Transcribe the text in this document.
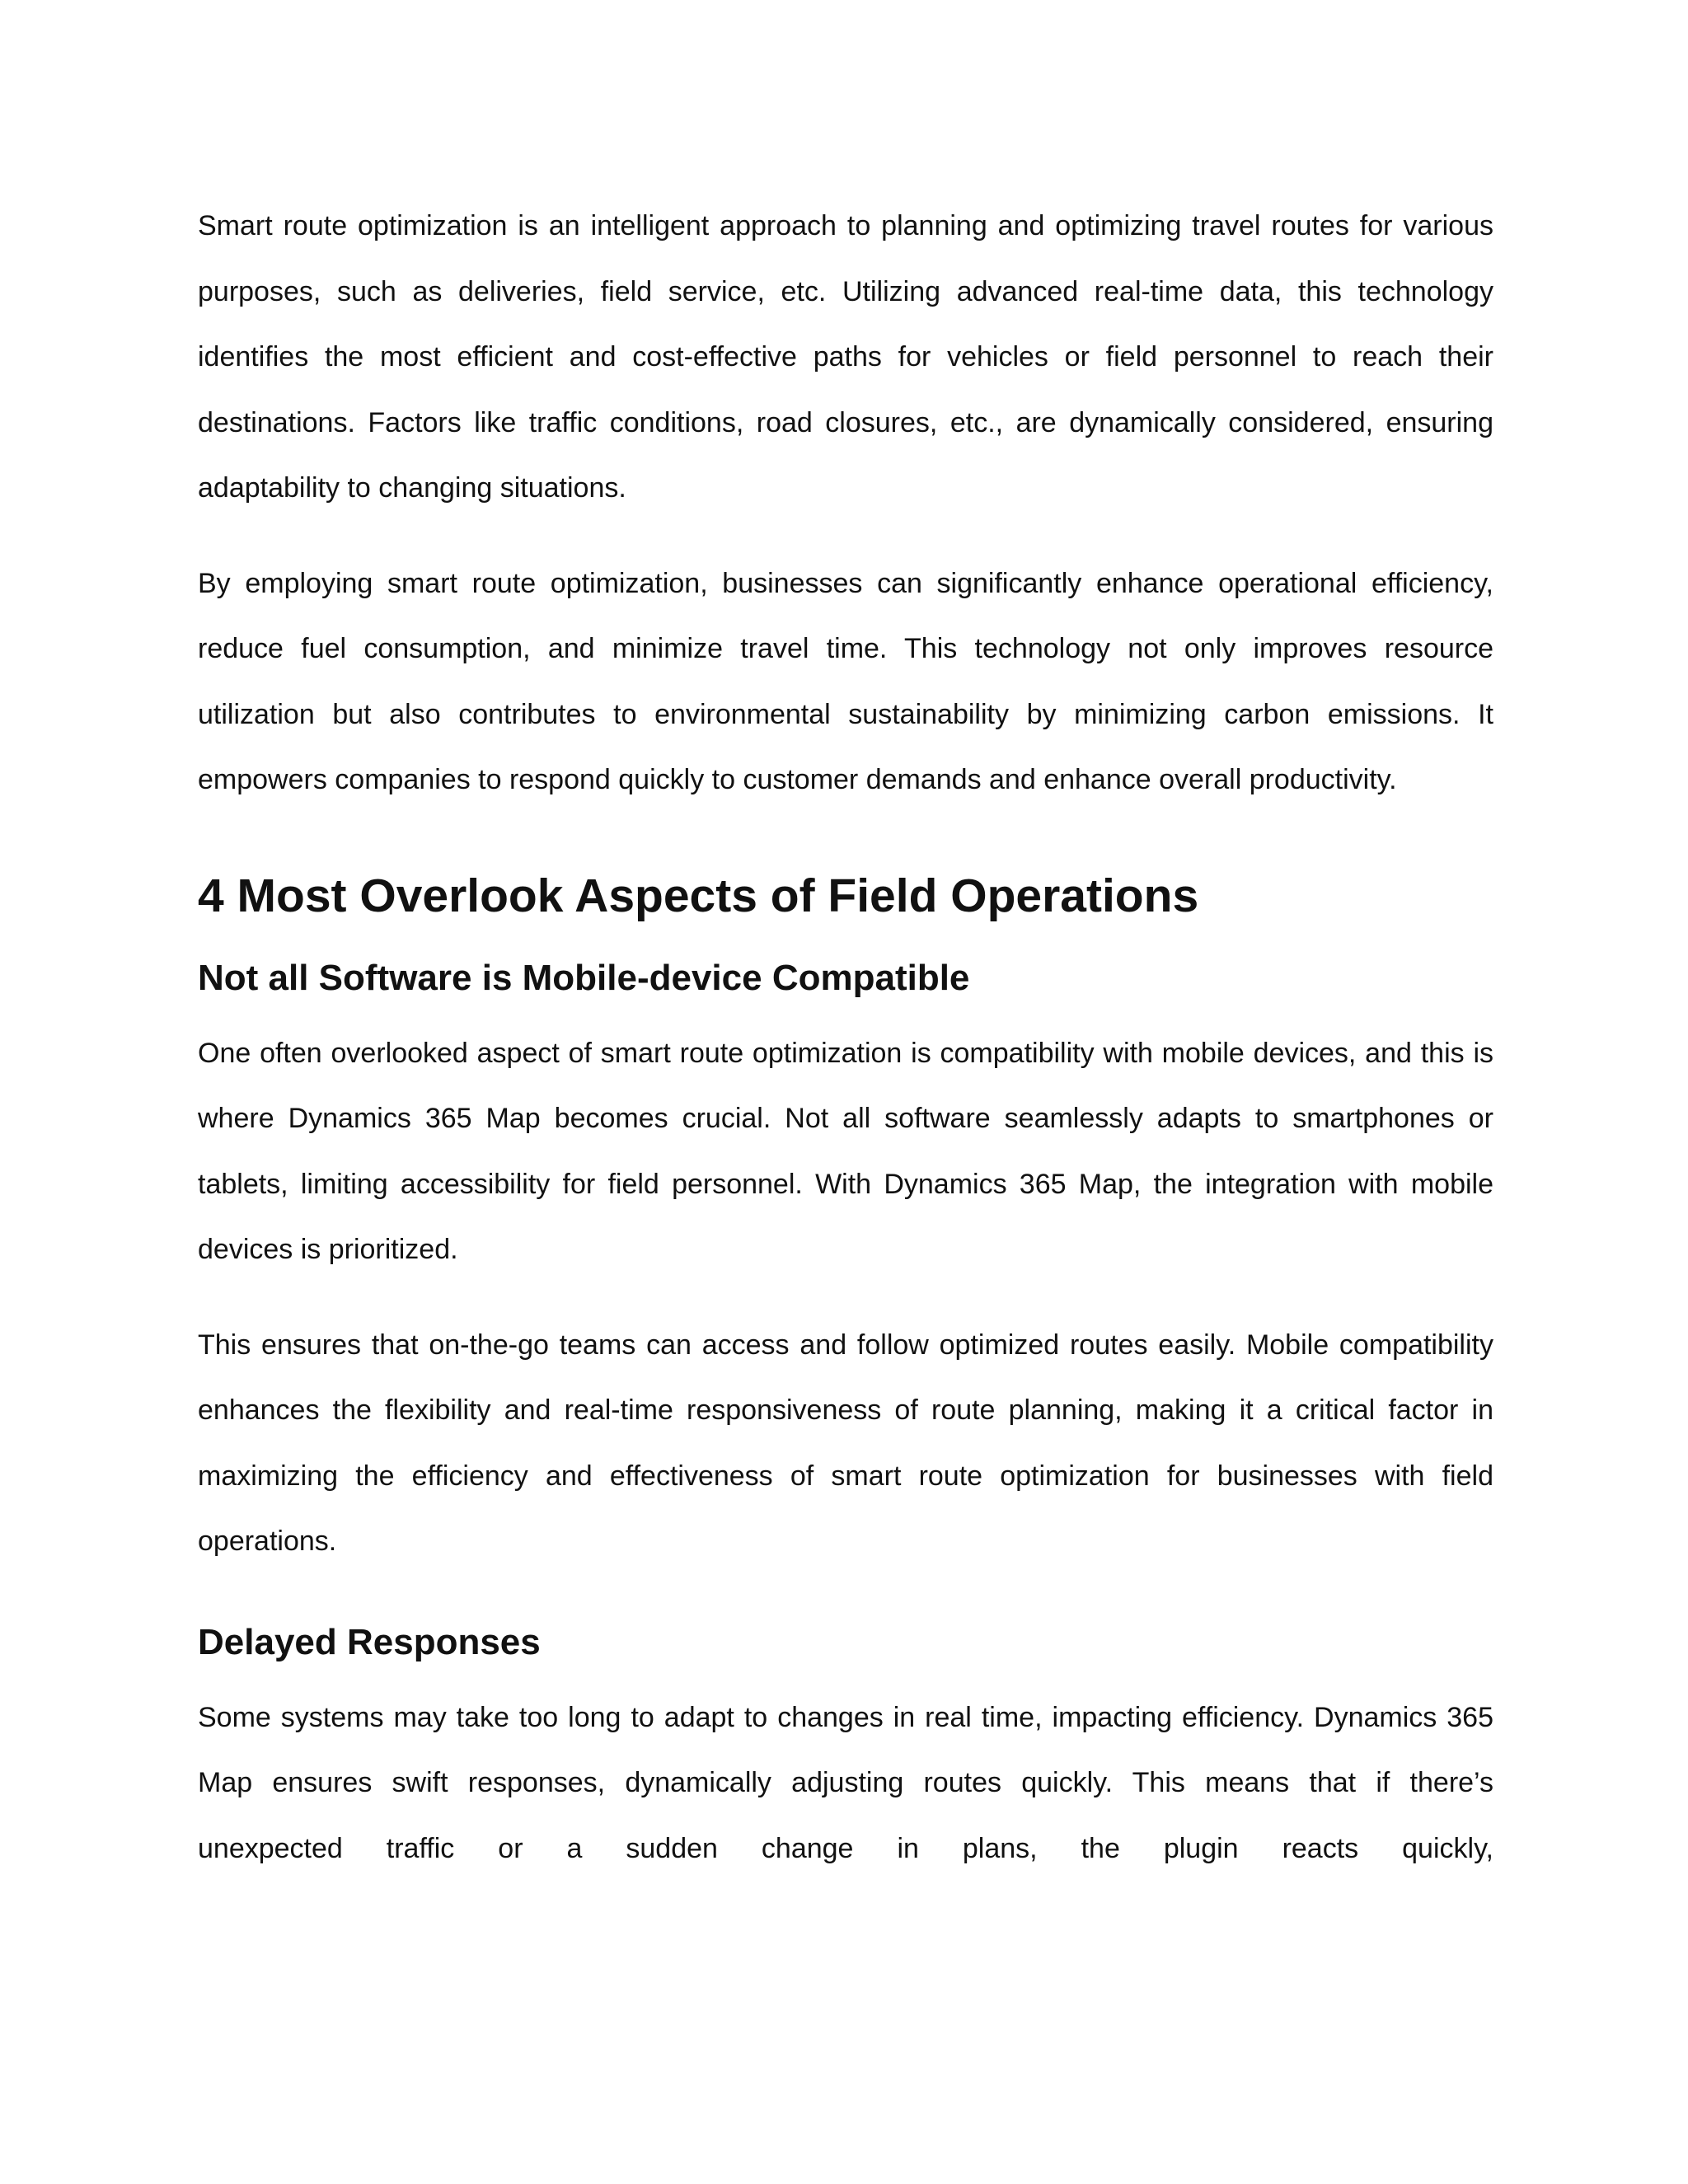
Smart route optimization is an intelligent approach to planning and optimizing travel routes for various purposes, such as deliveries, field service, etc. Utilizing advanced real-time data, this technology identifies the most efficient and cost-effective paths for vehicles or field personnel to reach their destinations. Factors like traffic conditions, road closures, etc., are dynamically considered, ensuring adaptability to changing situations.

By employing smart route optimization, businesses can significantly enhance operational efficiency, reduce fuel consumption, and minimize travel time. This technology not only improves resource utilization but also contributes to environmental sustainability by minimizing carbon emissions. It empowers companies to respond quickly to customer demands and enhance overall productivity.

4 Most Overlook Aspects of Field Operations
Not all Software is Mobile-device Compatible

One often overlooked aspect of smart route optimization is compatibility with mobile devices, and this is where Dynamics 365 Map becomes crucial. Not all software seamlessly adapts to smartphones or tablets, limiting accessibility for field personnel. With Dynamics 365 Map, the integration with mobile devices is prioritized.

This ensures that on-the-go teams can access and follow optimized routes easily. Mobile compatibility enhances the flexibility and real-time responsiveness of route planning, making it a critical factor in maximizing the efficiency and effectiveness of smart route optimization for businesses with field operations.

Delayed Responses

Some systems may take too long to adapt to changes in real time, impacting efficiency. Dynamics 365 Map ensures swift responses, dynamically adjusting routes quickly. This means that if there’s unexpected traffic or a sudden change in plans, the plugin reacts quickly,
